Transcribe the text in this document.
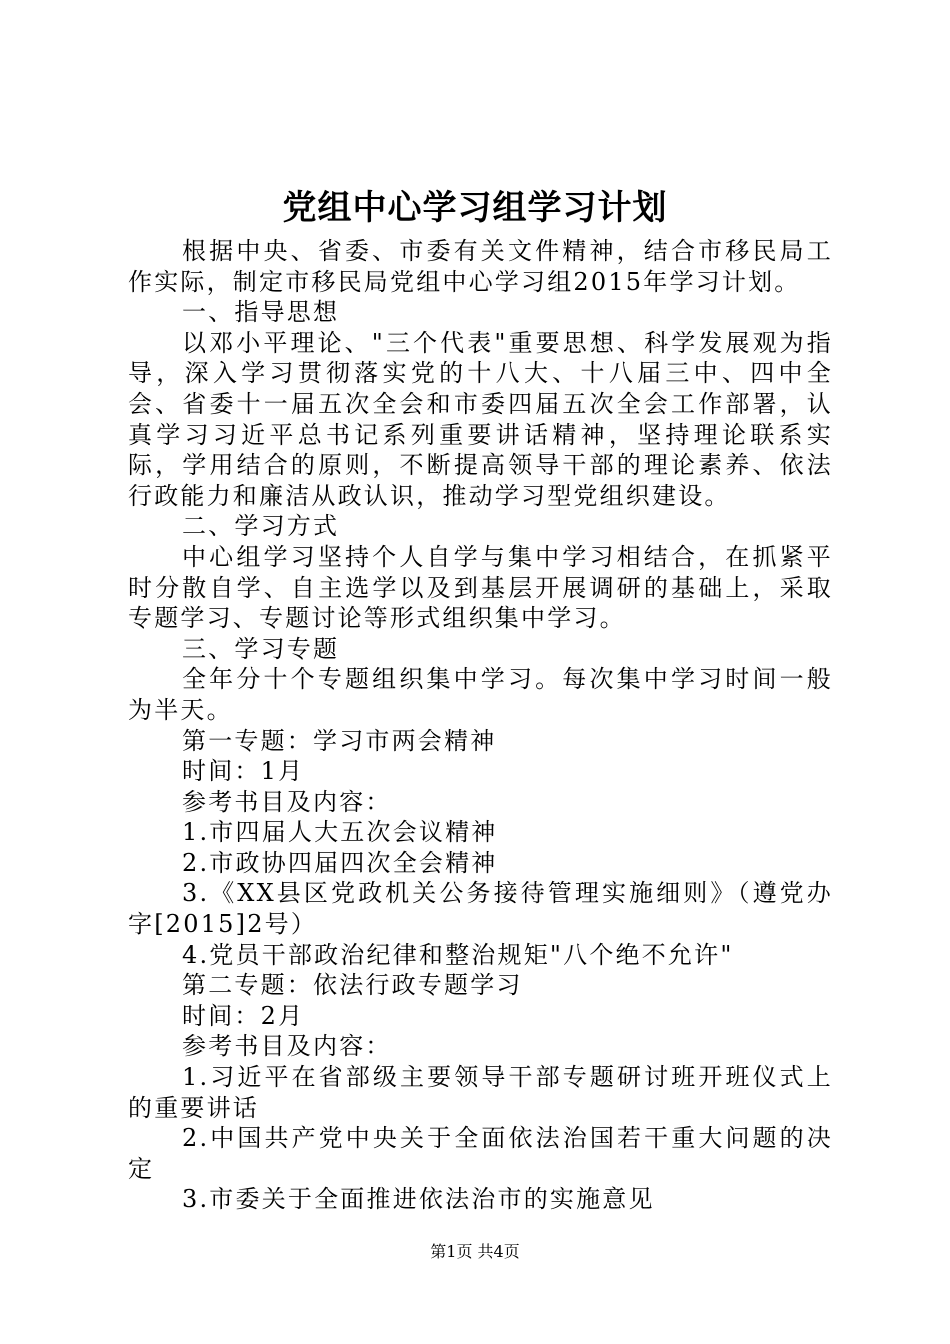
党组中心学习组学习计划

根据中央、省委、市委有关文件精神，结合市移民局工作实际，制定市移民局党组中心学习组2015年学习计划。

一、指导思想

以邓小平理论、"三个代表"重要思想、科学发展观为指导，深入学习贯彻落实党的十八大、十八届三中、四中全会、省委十一届五次全会和市委四届五次全会工作部署，认真学习习近平总书记系列重要讲话精神，坚持理论联系实际，学用结合的原则，不断提高领导干部的理论素养、依法行政能力和廉洁从政认识，推动学习型党组织建设。

二、学习方式

中心组学习坚持个人自学与集中学习相结合，在抓紧平时分散自学、自主选学以及到基层开展调研的基础上，采取专题学习、专题讨论等形式组织集中学习。

三、学习专题

全年分十个专题组织集中学习。每次集中学习时间一般为半天。

第一专题：学习市两会精神

时间：1月

参考书目及内容：

1.市四届人大五次会议精神

2.市政协四届四次全会精神

3.《XX县区党政机关公务接待管理实施细则》（遵党办字[2015]2号）

4.党员干部政治纪律和整治规矩"八个绝不允许"

第二专题：依法行政专题学习

时间：2月

参考书目及内容：

1.习近平在省部级主要领导干部专题研讨班开班仪式上的重要讲话

2.中国共产党中央关于全面依法治国若干重大问题的决定

3.市委关于全面推进依法治市的实施意见

第1页 共4页
